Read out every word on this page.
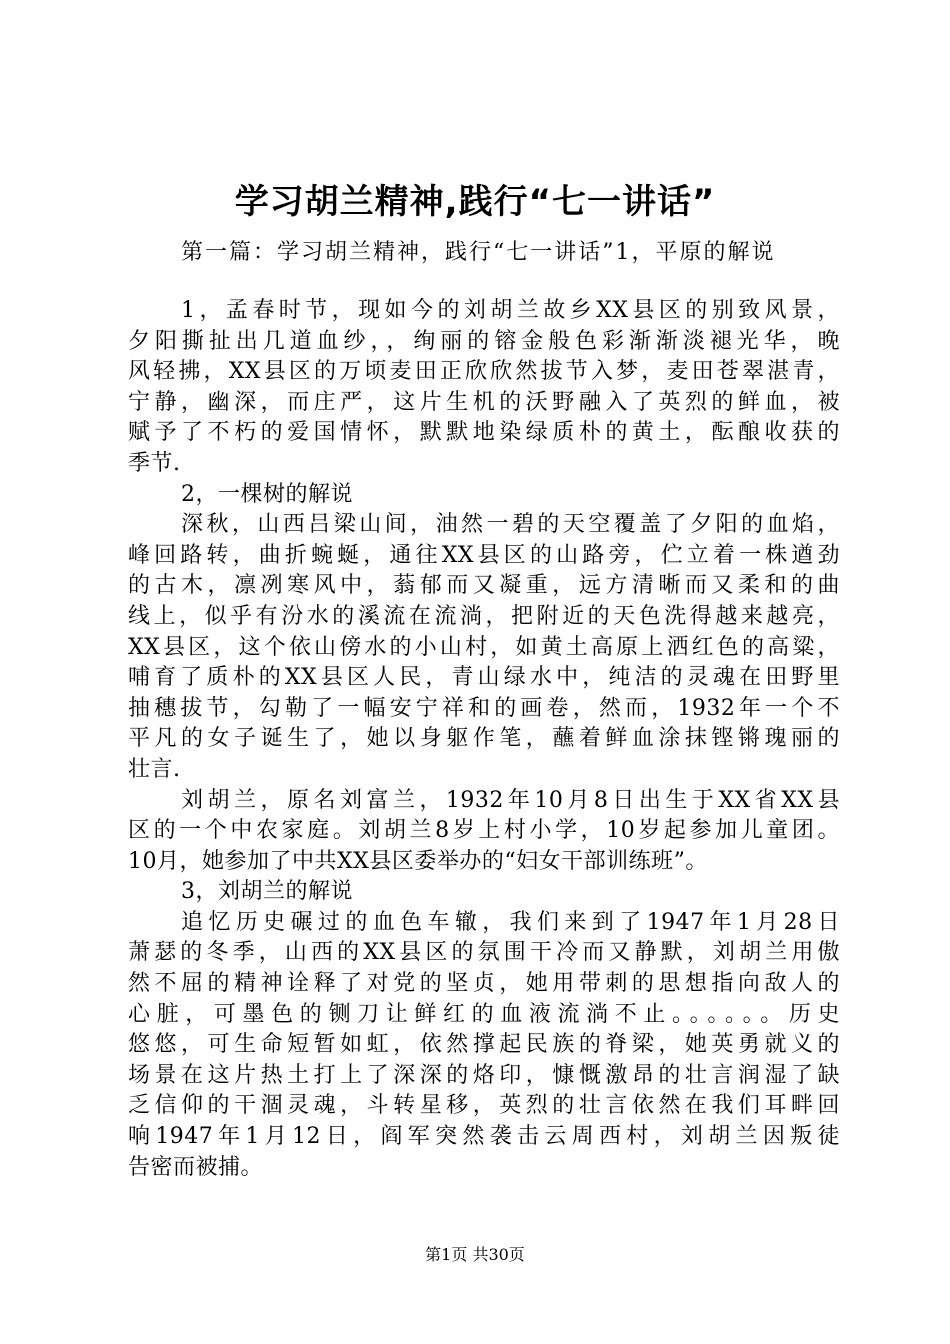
学习胡兰精神,践行“七一讲话”
第一篇：学习胡兰精神，践行“七一讲话”1，平原的解说
1，孟春时节，现如今的刘胡兰故乡XX县区的别致风景，
夕阳撕扯出几道血纱，，绚丽的镕金般色彩渐渐淡褪光华，晚
风轻拂，XX县区的万顷麦田正欣欣然拔节入梦，麦田苍翠湛青，
宁静，幽深，而庄严，这片生机的沃野融入了英烈的鲜血，被
赋予了不朽的爱国情怀，默默地染绿质朴的黄土，酝酿收获的
季节.
2，一棵树的解说
深秋，山西吕梁山间，油然一碧的天空覆盖了夕阳的血焰，
峰回路转，曲折蜿蜒，通往XX县区的山路旁，伫立着一株遒劲
的古木，凛冽寒风中，蓊郁而又凝重，远方清晰而又柔和的曲
线上，似乎有汾水的溪流在流淌，把附近的天色洗得越来越亮，
XX县区，这个依山傍水的小山村，如黄土高原上洒红色的高粱，
哺育了质朴的XX县区人民，青山绿水中，纯洁的灵魂在田野里
抽穗拔节，勾勒了一幅安宁祥和的画卷，然而，1932年一个不
平凡的女子诞生了，她以身躯作笔，蘸着鲜血涂抹铿锵瑰丽的
壮言.
刘胡兰，原名刘富兰，1932年10月8日出生于XX省XX县
区的一个中农家庭。刘胡兰8岁上村小学，10岁起参加儿童团。
10月，她参加了中共XX县区委举办的“妇女干部训练班”。
3，刘胡兰的解说
追忆历史碾过的血色车辙，我们来到了1947年1月28日
萧瑟的冬季，山西的XX县区的氛围干冷而又静默，刘胡兰用傲
然不屈的精神诠释了对党的坚贞，她用带刺的思想指向敌人的
心脏，可墨色的铡刀让鲜红的血液流淌不止。。。。。。历史
悠悠，可生命短暂如虹，依然撑起民族的脊梁，她英勇就义的
场景在这片热土打上了深深的烙印，慷慨激昂的壮言润湿了缺
乏信仰的干涸灵魂，斗转星移，英烈的壮言依然在我们耳畔回
响1947年1月12日，阎军突然袭击云周西村，刘胡兰因叛徒
告密而被捕。
第1页 共30页
